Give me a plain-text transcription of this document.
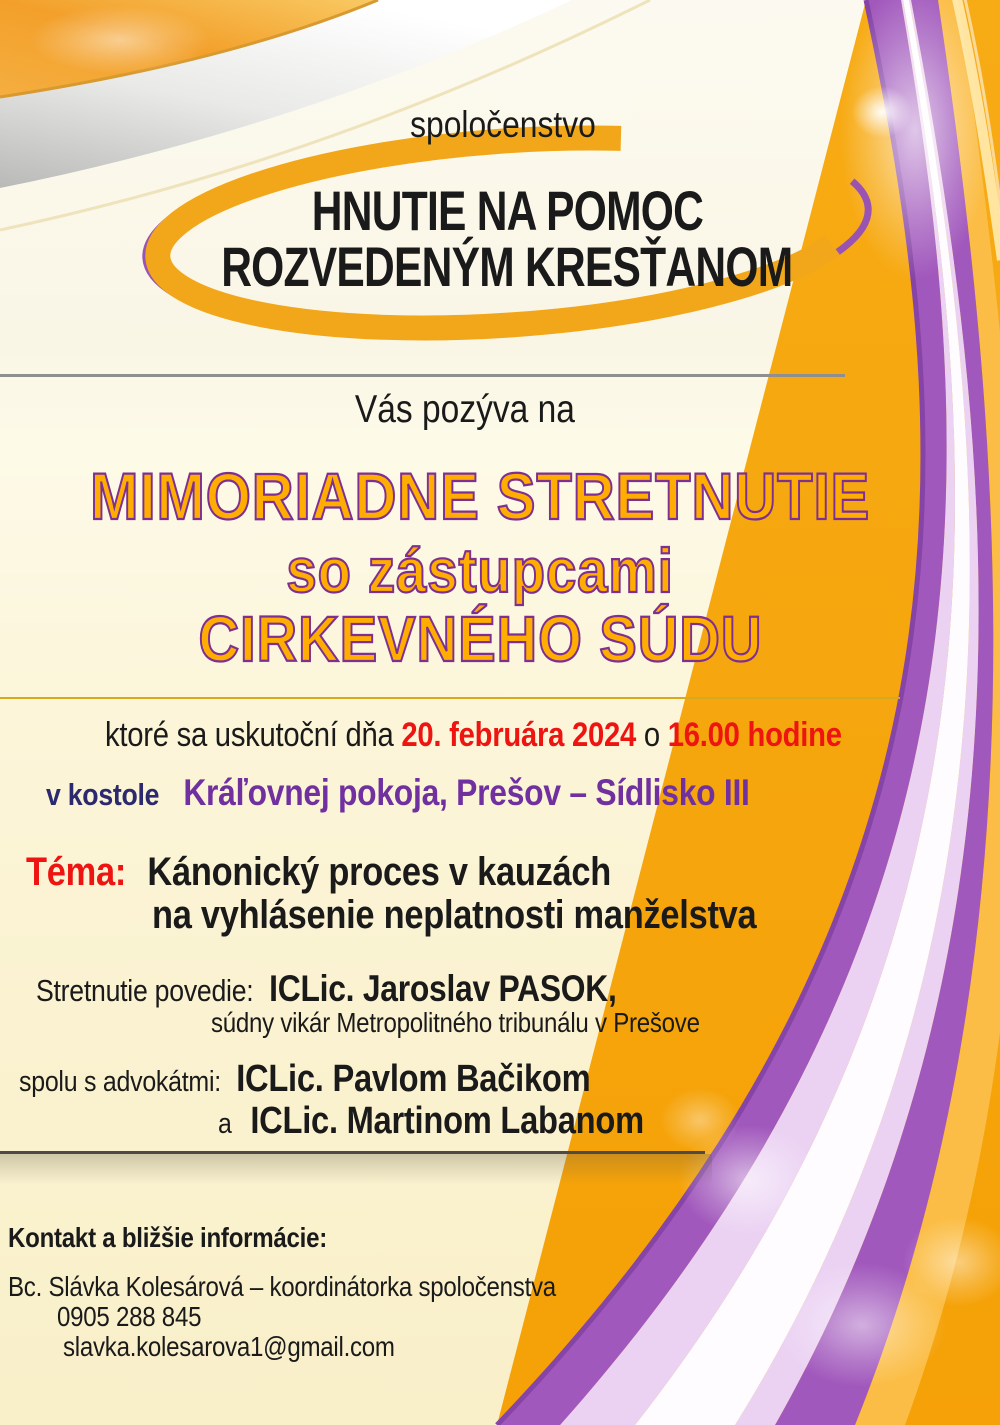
spoločenstvo
HNUTIE NA POMOC
ROZVEDENÝM KRESŤANOM
Vás pozýva na
MIMORIADNE STRETNUTIE
so zástupcami
CIRKEVNÉHO SÚDU
ktoré sa uskutoční dňa 20. februára 2024 o 16.00 hodine
v kostole Kráľovnej pokoja, Prešov – Sídlisko III
Téma: Kánonický proces v kauzách
na vyhlásenie neplatnosti manželstva
Stretnutie povedie: ICLic. Jaroslav PASOK,
súdny vikár Metropolitného tribunálu v Prešove
spolu s advokátmi: ICLic. Pavlom Bačikom
a ICLic. Martinom Labanom
Kontakt a bližšie informácie:
Bc. Slávka Kolesárová – koordinátorka spoločenstva
0905 288 845
slavka.kolesarova1@gmail.com
